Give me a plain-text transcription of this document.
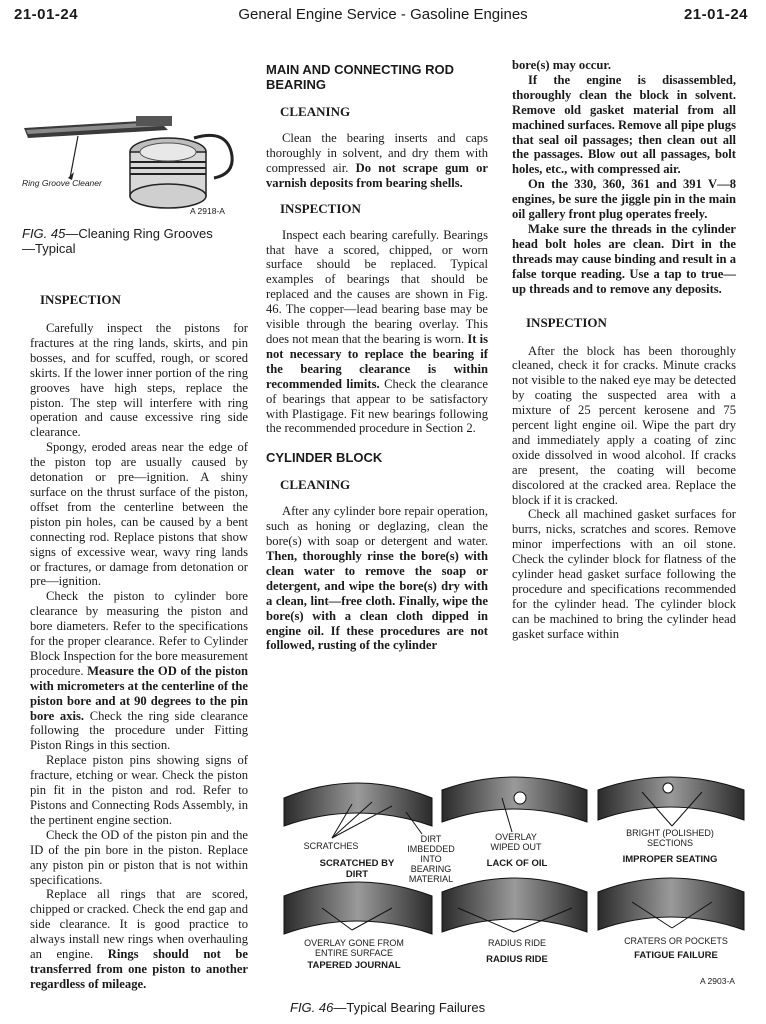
21-01-24	General Engine Service - Gasoline Engines	21-01-24
Ring Groove Cleaner
A 2918-A
FIG. 45—Cleaning Ring Grooves—Typical
INSPECTION

Carefully inspect the pistons for fractures at the ring lands, skirts, and pin bosses, and for scuffed, rough, or scored skirts. If the lower inner portion of the ring grooves have high steps, replace the piston. The step will interfere with ring operation and cause excessive ring side clearance.

Spongy, eroded areas near the edge of the piston top are usually caused by detonation or pre—ignition. A shiny surface on the thrust surface of the piston, offset from the centerline between the piston pin holes, can be caused by a bent connecting rod. Replace pistons that show signs of excessive wear, wavy ring lands or fractures, or damage from detonation or pre—ignition.

Check the piston to cylinder bore clearance by measuring the piston and bore diameters. Refer to the specifications for the proper clearance. Refer to Cylinder Block Inspection for the bore measurement procedure. Measure the OD of the piston with micrometers at the centerline of the piston bore and at 90 degrees to the pin bore axis. Check the ring side clearance following the procedure under Fitting Piston Rings in this section.

Replace piston pins showing signs of fracture, etching or wear. Check the piston pin fit in the piston and rod. Refer to Pistons and Connecting Rods Assembly, in the pertinent engine section.

Check the OD of the piston pin and the ID of the pin bore in the piston. Replace any piston pin or piston that is not within specifications.

Replace all rings that are scored, chipped or cracked. Check the end gap and side clearance. It is good practice to always install new rings when overhauling an engine. Rings should not be transferred from one piston to another regardless of mileage.

MAIN AND CONNECTING ROD BEARING
CLEANING

Clean the bearing inserts and caps thoroughly in solvent, and dry them with compressed air. Do not scrape gum or varnish deposits from bearing shells.

INSPECTION

Inspect each bearing carefully. Bearings that have a scored, chipped, or worn surface should be replaced. Typical examples of bearings that should be replaced and the causes are shown in Fig. 46. The copper—lead bearing base may be visible through the bearing overlay. This does not mean that the bearing is worn. It is not necessary to replace the bearing if the bearing clearance is within recommended limits. Check the clearance of bearings that appear to be satisfactory with Plastigage. Fit new bearings following the recommended procedure in Section 2.

CYLINDER BLOCK
CLEANING

After any cylinder bore repair operation, such as honing or deglazing, clean the bore(s) with soap or detergent and water. Then, thoroughly rinse the bore(s) with clean water to remove the soap or detergent, and wipe the bore(s) dry with a clean, lint—free cloth. Finally, wipe the bore(s) with a clean cloth dipped in engine oil. If these procedures are not followed, rusting of the cylinder

bore(s) may occur.

If the engine is disassembled, thoroughly clean the block in solvent. Remove old gasket material from all machined surfaces. Remove all pipe plugs that seal oil passages; then clean out all the passages. Blow out all passages, bolt holes, etc., with compressed air.

On the 330, 360, 361 and 391 V—8 engines, be sure the jiggle pin in the main oil gallery front plug operates freely.

Make sure the threads in the cylinder head bolt holes are clean. Dirt in the threads may cause binding and result in a false torque reading. Use a tap to true—up threads and to remove any deposits.

INSPECTION

After the block has been thoroughly cleaned, check it for cracks. Minute cracks not visible to the naked eye may be detected by coating the suspected area with a mixture of 25 percent kerosene and 75 percent light engine oil. Wipe the part dry and immediately apply a coating of zinc oxide dissolved in wood alcohol. If cracks are present, the coating will become discolored at the cracked area. Replace the block if it is cracked.

Check all machined gasket surfaces for burrs, nicks, scratches and scores. Remove minor imperfections with an oil stone. Check the cylinder block for flatness of the cylinder head gasket surface following the procedure and specifications recommended for the cylinder head. The cylinder block can be machined to bring the cylinder head gasket surface within

SCRATCHES
DIRT IMBEDDED INTO BEARING MATERIAL
SCRATCHED BY DIRT
OVERLAY WIPED OUT
LACK OF OIL
BRIGHT (POLISHED) SECTIONS
IMPROPER SEATING
OVERLAY GONE FROM ENTIRE SURFACE
TAPERED JOURNAL
RADIUS RIDE
RADIUS RIDE
CRATERS OR POCKETS
FATIGUE FAILURE
A 2903-A
FIG. 46—Typical Bearing Failures
